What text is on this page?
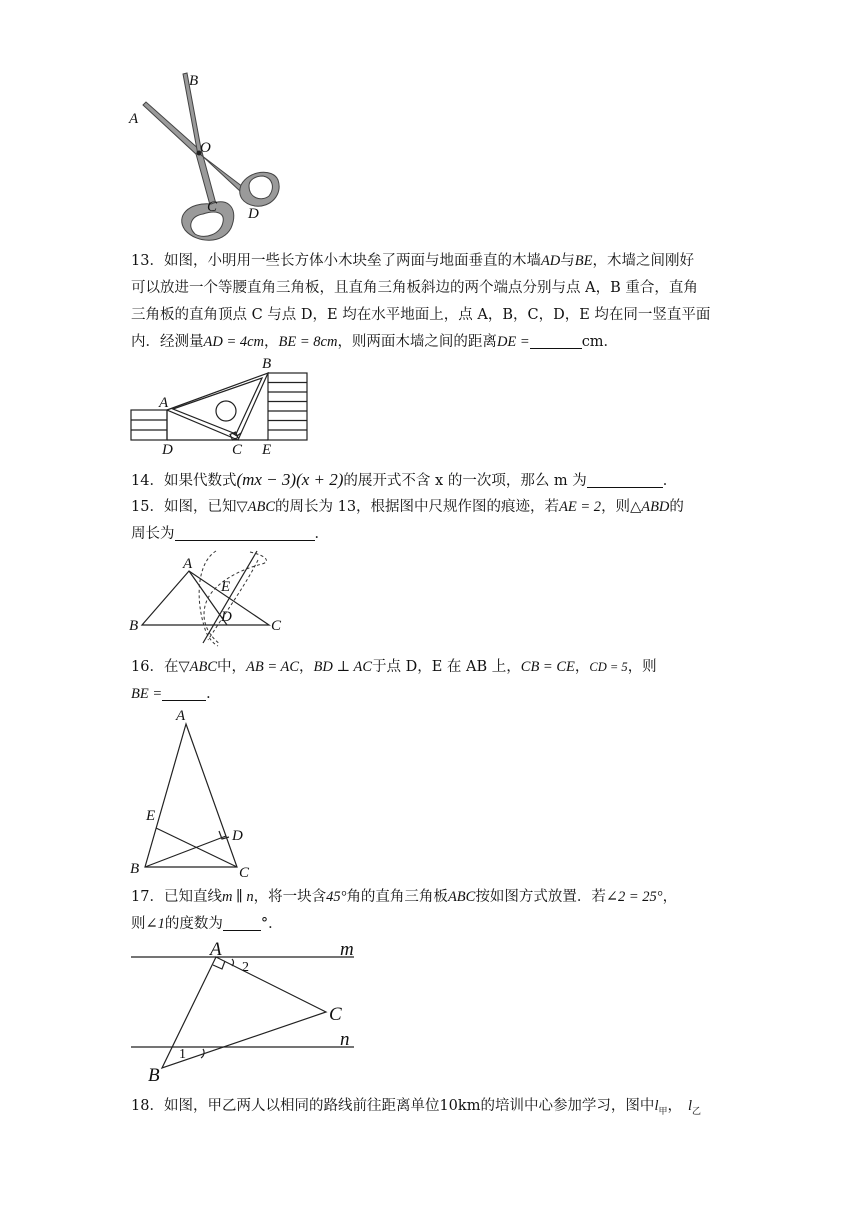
B
A
O
C D

13．如图，小明用一些长方体小木块垒了两面与地面垂直的木墙AD与BE，木墙之间刚好

可以放进一个等腰直角三角板，且直角三角板斜边的两个端点分别与点 A，B 重合，直角

三角板的直角顶点 C 与点 D，E 均在水平地面上，点 A，B，C，D，E 均在同一竖直平面

内．经测量AD = 4cm，BE = 8cm，则两面木墙之间的距离DE =	cm．

B
A
D	C E

14．如果代数式(mx − 3)(x + 2)的展开式不含 x 的一次项，那么 m 为	．

15．如图，已知▽ABC的周长为 13，根据图中尺规作图的痕迹，若AE = 2，则△ABD的

周长为	．

A
E
D
B	C

16．在▽ABC中，AB = AC，BD ⊥ AC于点 D，E 在 AB 上，CB = CE，CD = 5，则

BE =	．

A
E
D
B	C

17．已知直线m ∥ n，将一块含45°角的直角三角板ABC按如图方式放置．若∠2 = 25°，

则∠1的度数为	°．

A
C
B
m
n
2
1

18．如图，甲乙两人以相同的路线前往距离单位10km的培训中心参加学习，图中$l_甲$， $l_乙$
